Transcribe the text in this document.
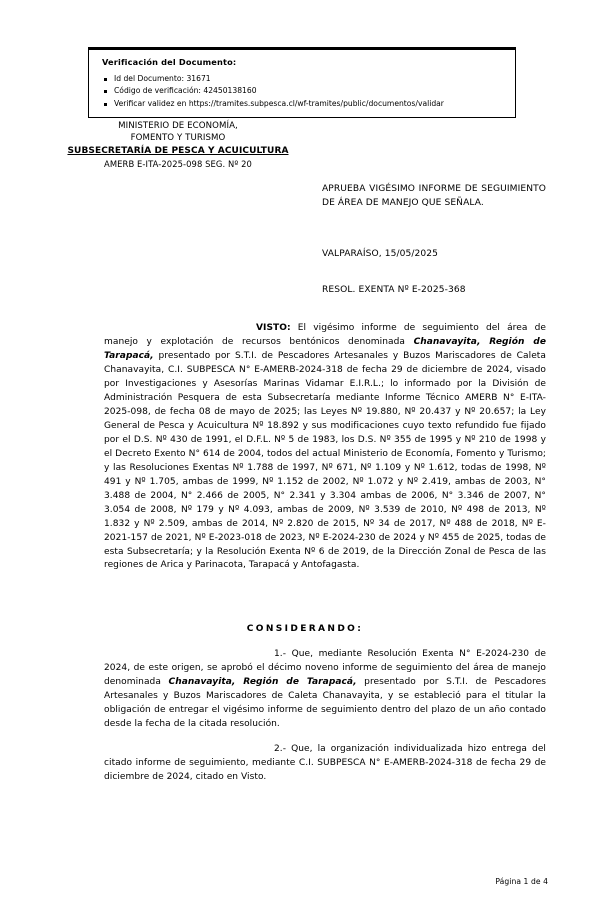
Verificación del Documento:
Id del Documento: 31671
Código de verificación: 42450138160
Verificar validez en https://tramites.subpesca.cl/wf-tramites/public/documentos/validar
MINISTERIO DE ECONOMÍA,
FOMENTO Y TURISMO
SUBSECRETARÍA DE PESCA Y ACUICULTURA
AMERB E-ITA-2025-098 SEG. Nº 20
APRUEBA VIGÉSIMO INFORME DE SEGUIMIENTO DE ÁREA DE MANEJO QUE SEÑALA.
VALPARAÍSO, 15/05/2025
RESOL. EXENTA Nº E-2025-368

VISTO: El vigésimo informe de seguimiento del área de manejo y explotación de recursos bentónicos denominada Chanavayita, Región de Tarapacá, presentado por S.T.I. de Pescadores Artesanales y Buzos Mariscadores de Caleta Chanavayita, C.I. SUBPESCA N° E-AMERB-2024-318 de fecha 29 de diciembre de 2024, visado por Investigaciones y Asesorías Marinas Vidamar E.I.R.L.; lo informado por la División de Administración Pesquera de esta Subsecretaría mediante Informe Técnico AMERB N° E-ITA-2025-098, de fecha 08 de mayo de 2025; las Leyes Nº 19.880, Nº 20.437 y Nº 20.657; la Ley General de Pesca y Acuicultura Nº 18.892 y sus modificaciones cuyo texto refundido fue fijado por el D.S. Nº 430 de 1991, el D.F.L. Nº 5 de 1983, los D.S. Nº 355 de 1995 y Nº 210 de 1998 y el Decreto Exento N° 614 de 2004, todos del actual Ministerio de Economía, Fomento y Turismo; y las Resoluciones Exentas Nº 1.788 de 1997, Nº 671, Nº 1.109 y Nº 1.612, todas de 1998, Nº 491 y Nº 1.705, ambas de 1999, Nº 1.152 de 2002, Nº 1.072 y Nº 2.419, ambas de 2003, N° 3.488 de 2004, N° 2.466 de 2005, N° 2.341 y 3.304 ambas de 2006, N° 3.346 de 2007, N° 3.054 de 2008, Nº 179 y Nº 4.093, ambas de 2009, Nº 3.539 de 2010, Nº 498 de 2013, Nº 1.832 y Nº 2.509, ambas de 2014, Nº 2.820 de 2015, Nº 34 de 2017, Nº 488 de 2018, Nº E-2021-157 de 2021, Nº E-2023-018 de 2023, Nº E-2024-230 de 2024 y Nº 455 de 2025, todas de esta Subsecretaría; y la Resolución Exenta Nº 6 de 2019, de la Dirección Zonal de Pesca de las regiones de Arica y Parinacota, Tarapacá y Antofagasta.

CONSIDERANDO:

1.- Que, mediante Resolución Exenta N° E-2024-230 de 2024, de este origen, se aprobó el décimo noveno informe de seguimiento del área de manejo denominada Chanavayita, Región de Tarapacá, presentado por S.T.I. de Pescadores Artesanales y Buzos Mariscadores de Caleta Chanavayita, y se estableció para el titular la obligación de entregar el vigésimo informe de seguimiento dentro del plazo de un año contado desde la fecha de la citada resolución.

2.- Que, la organización individualizada hizo entrega del citado informe de seguimiento, mediante C.I. SUBPESCA N° E-AMERB-2024-318 de fecha 29 de diciembre de 2024, citado en Visto.

Página 1 de 4
